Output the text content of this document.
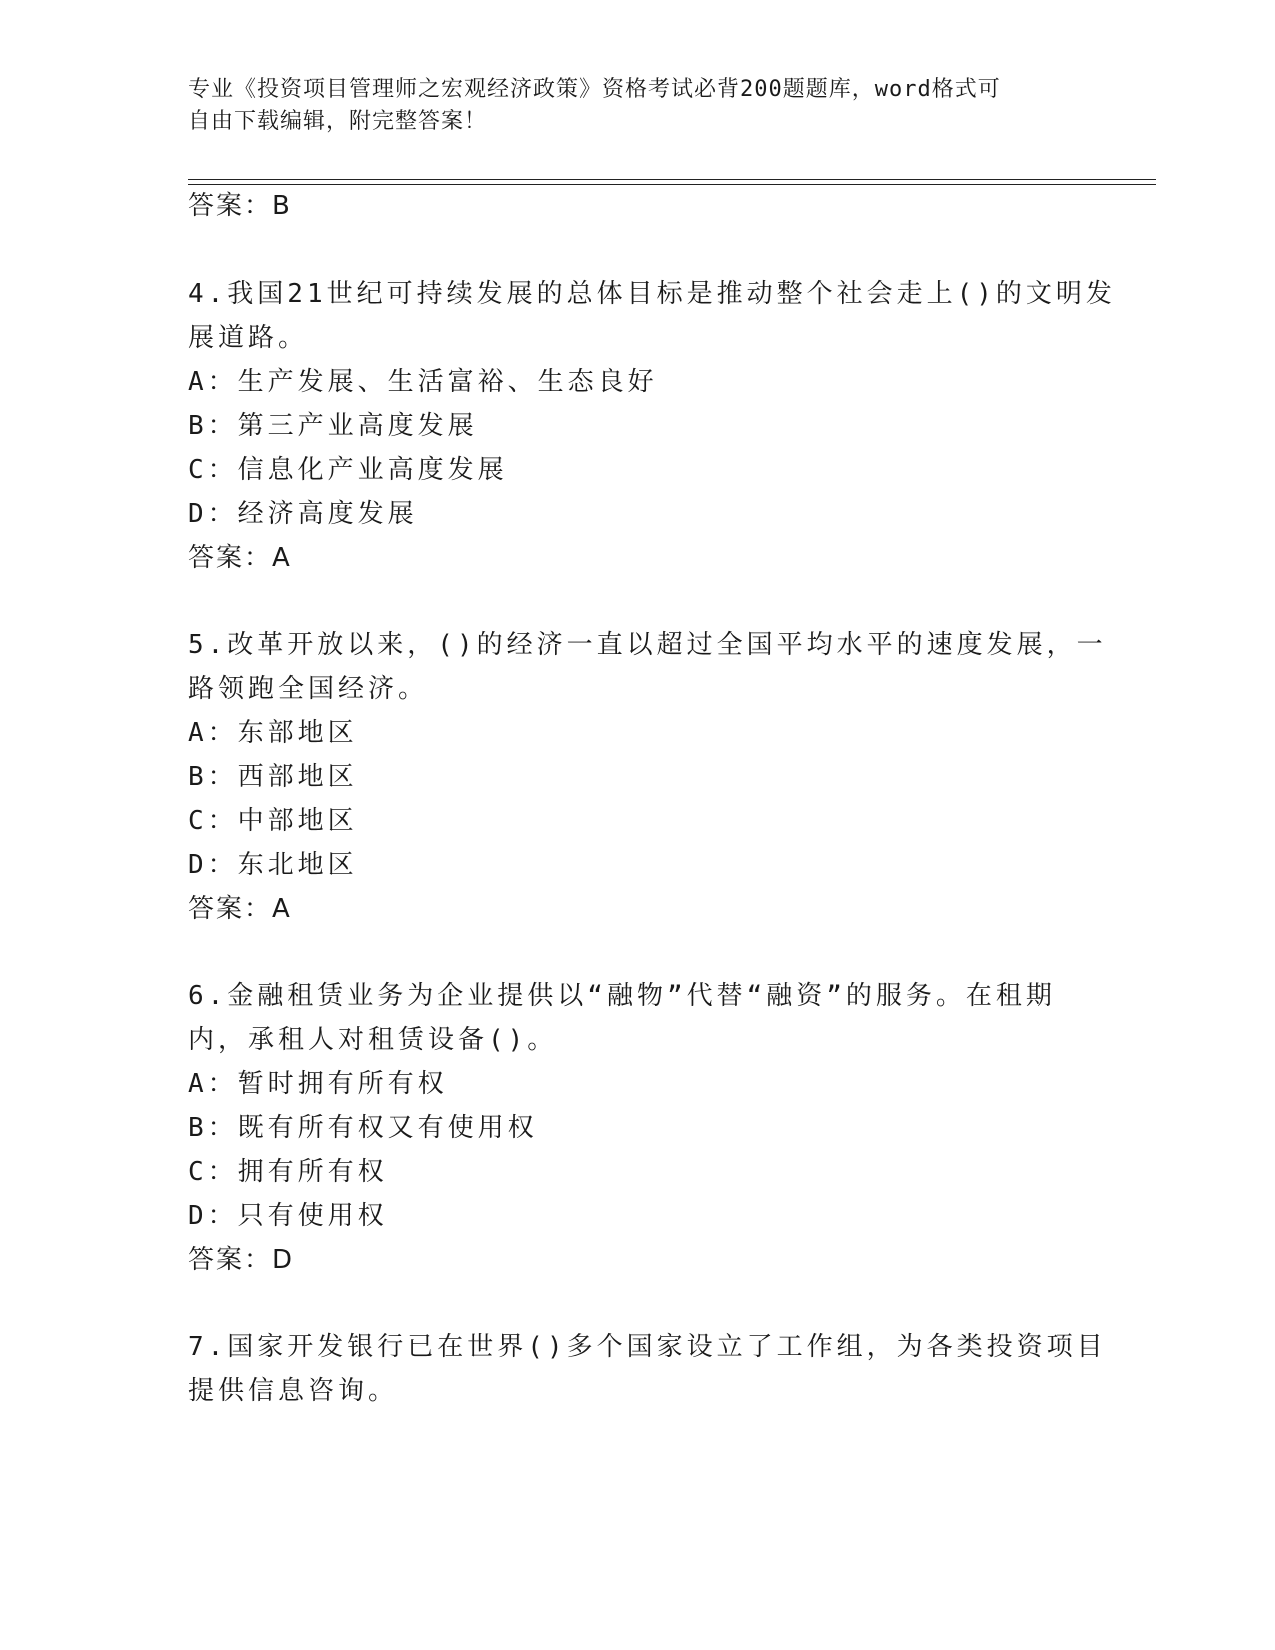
专业《投资项目管理师之宏观经济政策》资格考试必背200题题库，word格式可
自由下载编辑，附完整答案！
答案：B
4.我国21世纪可持续发展的总体目标是推动整个社会走上()的文明发
展道路。
A：生产发展、生活富裕、生态良好
B：第三产业高度发展
C：信息化产业高度发展
D：经济高度发展
答案：A
5.改革开放以来，()的经济一直以超过全国平均水平的速度发展，一
路领跑全国经济。
A：东部地区
B：西部地区
C：中部地区
D：东北地区
答案：A
6.金融租赁业务为企业提供以“融物”代替“融资”的服务。在租期
内，承租人对租赁设备()。
A：暂时拥有所有权
B：既有所有权又有使用权
C：拥有所有权
D：只有使用权
答案：D
7.国家开发银行已在世界()多个国家设立了工作组，为各类投资项目
提供信息咨询。
